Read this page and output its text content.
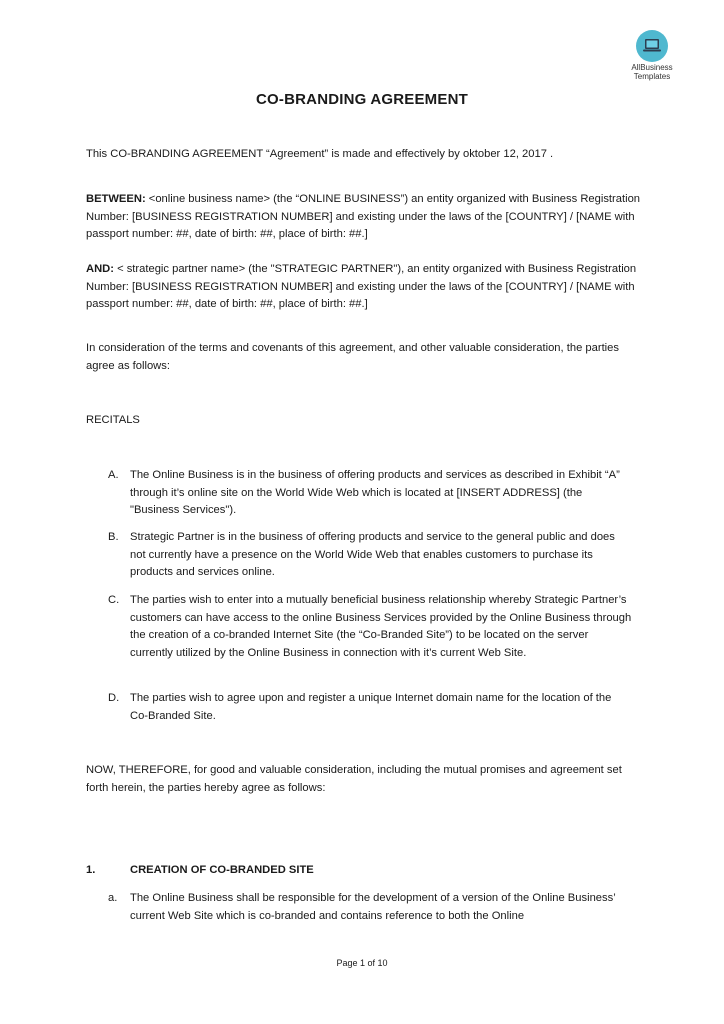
AllBusiness
Templates
CO-BRANDING AGREEMENT
This CO-BRANDING AGREEMENT “Agreement” is made and effectively by oktober 12, 2017 .
BETWEEN: <online business name> (the “ONLINE BUSINESS”) an entity organized with Business Registration Number: [BUSINESS REGISTRATION NUMBER] and existing under the laws of the [COUNTRY] / [NAME with passport number: ##, date of birth: ##, place of birth: ##.]
AND: < strategic partner name> (the "STRATEGIC PARTNER"), an entity organized with Business Registration Number: [BUSINESS REGISTRATION NUMBER] and existing under the laws of the [COUNTRY] / [NAME with passport number: ##, date of birth: ##, place of birth: ##.]
In consideration of the terms and covenants of this agreement, and other valuable consideration, the parties agree as follows:
RECITALS
A. The Online Business is in the business of offering products and services as described in Exhibit “A” through it’s online site on the World Wide Web which is located at [INSERT ADDRESS] (the "Business Services").
B. Strategic Partner is in the business of offering products and service to the general public and does not currently have a presence on the World Wide Web that enables customers to purchase its products and services online.
C. The parties wish to enter into a mutually beneficial business relationship whereby Strategic Partner’s customers can have access to the online Business Services provided by the Online Business through the creation of a co-branded Internet Site (the “Co-Branded Site”) to be located on the server currently utilized by the Online Business in connection with it’s current Web Site.
D. The parties wish to agree upon and register a unique Internet domain name for the location of the Co-Branded Site.
NOW, THEREFORE, for good and valuable consideration, including the mutual promises and agreement set forth herein, the parties hereby agree as follows:
1.	CREATION OF CO-BRANDED SITE
a. The Online Business shall be responsible for the development of a version of the Online Business’ current Web Site which is co-branded and contains reference to both the Online
Page 1 of 10
